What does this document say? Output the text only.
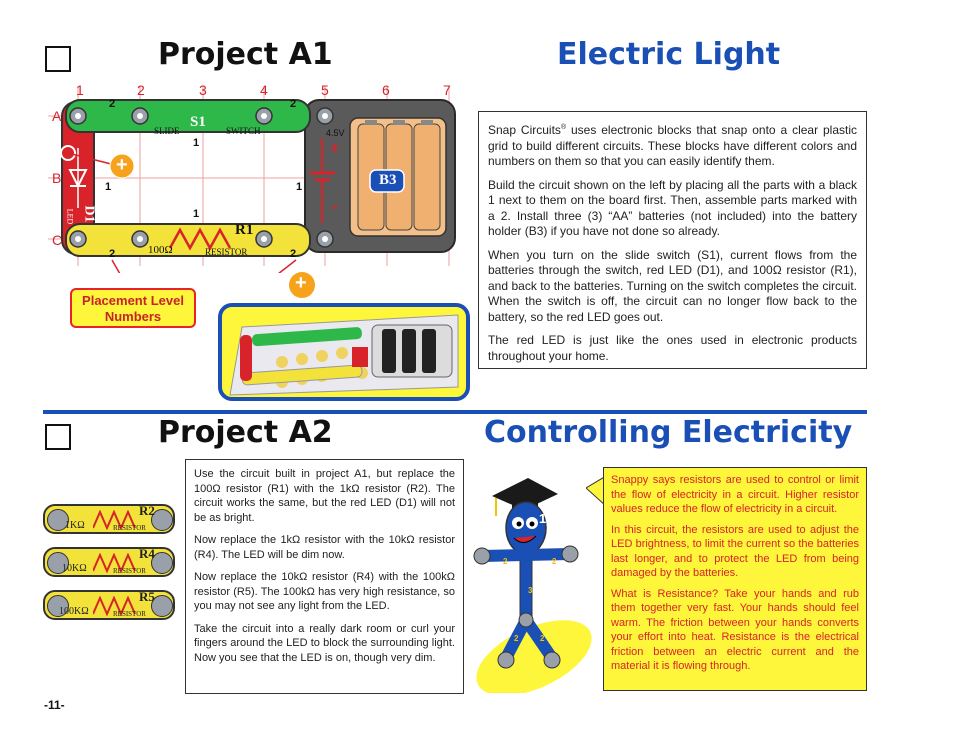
Project A1	Electric Light
1	2	3	4	5	6	7
A
B
C
S1
SLIDE	SWITCH
R1
100Ω	RESISTOR
D1
LED
B3
4.5V
+
-
+
2	2
2	2
1
1
1	1
Placement Level Numbers
+

Snap Circuits® uses electronic blocks that snap onto a clear plastic grid to build different circuits. These blocks have different colors and numbers on them so that you can easily identify them.

Build the circuit shown on the left by placing all the parts with a black 1 next to them on the board first. Then, assemble parts marked with a 2. Install three (3) “AA” batteries (not included) into the battery holder (B3) if you have not done so already.

When you turn on the slide switch (S1), current flows from the batteries through the switch, red LED (D1), and 100Ω resistor (R1), and back to the batteries. Turning on the switch completes the circuit. When the switch is off, the circuit can no longer flow back to the battery, so the red LED goes out.

The red LED is just like the ones used in electronic products throughout your home.

Project A2	Controlling Electricity
R2
1KΩ	RESISTOR
R4
10KΩ	RESISTOR
R5
100KΩ	RESISTOR

Use the circuit built in project A1, but replace the 100Ω resistor (R1) with the 1kΩ resistor (R2). The circuit works the same, but the red LED (D1) will not be as bright.

Now replace the 1kΩ resistor with the 10kΩ resistor (R4). The LED will be dim now.

Now replace the 10kΩ resistor (R4) with the 100kΩ resistor (R5). The 100kΩ has very high resistance, so you may not see any light from the LED.

Take the circuit into a really dark room or curl your fingers around the LED to block the surrounding light. Now you see that the LED is on, though very dim.

1
2	2
3
2	2

Snappy says resistors are used to control or limit the flow of electricity in a circuit. Higher resistor values reduce the flow of electricity in a circuit.

In this circuit, the resistors are used to adjust the LED brightness, to limit the current so the batteries last longer, and to protect the LED from being damaged by the batteries.

What is Resistance? Take your hands and rub them together very fast. Your hands should feel warm. The friction between your hands converts your effort into heat. Resistance is the electrical friction between an electric current and the material it is flowing through.

-11-
